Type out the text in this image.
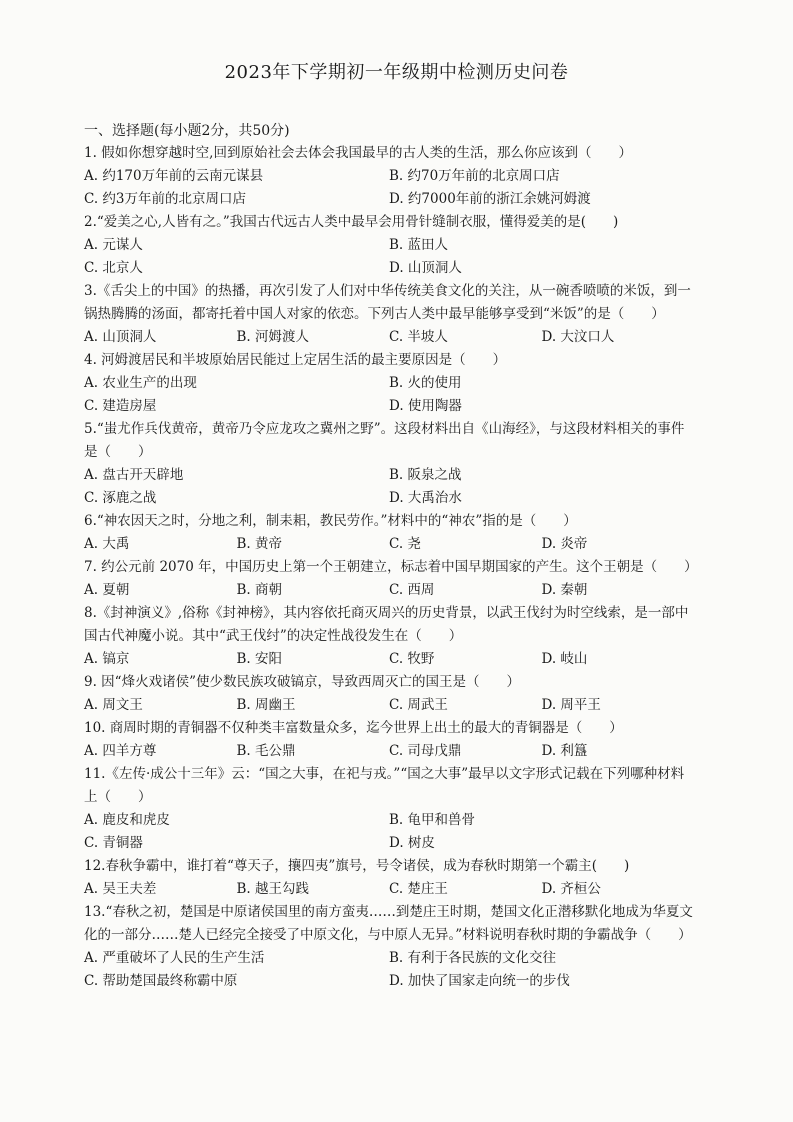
2023年下学期初一年级期中检测历史问卷
一、选择题(每小题2分，共50分)
1. 假如你想穿越时空,回到原始社会去体会我国最早的古人类的生活，那么你应该到（　　）
A. 约170万年前的云南元谋县	B. 约70万年前的北京周口店
C. 约3万年前的北京周口店	D. 约7000年前的浙江余姚河姆渡
2.“爱美之心,人皆有之。”我国古代远古人类中最早会用骨针缝制衣服，懂得爱美的是(　　)
A. 元谋人	B. 蓝田人
C. 北京人	D. 山顶洞人
3.《舌尖上的中国》的热播，再次引发了人们对中华传统美食文化的关注，从一碗香喷喷的米饭，到一锅热腾腾的汤面，都寄托着中国人对家的依恋。下列古人类中最早能够享受到“米饭”的是（　　）
A. 山顶洞人	B. 河姆渡人	C. 半坡人	D. 大汶口人
4. 河姆渡居民和半坡原始居民能过上定居生活的最主要原因是（　　）
A. 农业生产的出现	B. 火的使用
C. 建造房屋	D. 使用陶器
5.“蚩尤作兵伐黄帝，黄帝乃令应龙攻之冀州之野”。这段材料出自《山海经》，与这段材料相关的事件是（　　）
A. 盘古开天辟地	B. 阪泉之战
C. 涿鹿之战	D. 大禹治水
6.“神农因天之时，分地之利，制耒耜，教民劳作。”材料中的“神农”指的是（　　）
A. 大禹	B. 黄帝	C. 尧	D. 炎帝
7. 约公元前 2070 年，中国历史上第一个王朝建立，标志着中国早期国家的产生。这个王朝是（　　）
A. 夏朝	B. 商朝	C. 西周	D. 秦朝
8.《封神演义》,俗称《封神榜》，其内容依托商灭周兴的历史背景，以武王伐纣为时空线索，是一部中国古代神魔小说。其中“武王伐纣”的决定性战役发生在（　　）
A. 镐京	B. 安阳	C. 牧野	D. 岐山
9. 因“烽火戏诸侯”使少数民族攻破镐京，导致西周灭亡的国王是（　　）
A. 周文王	B. 周幽王	C. 周武王	D. 周平王
10. 商周时期的青铜器不仅种类丰富数量众多，迄今世界上出土的最大的青铜器是（　　）
A. 四羊方尊	B. 毛公鼎	C. 司母戊鼎	D. 利簋
11.《左传·成公十三年》云：“国之大事，在祀与戎。”“国之大事”最早以文字形式记载在下列哪种材料上（　　）
A. 鹿皮和虎皮	B. 龟甲和兽骨
C. 青铜器	D. 树皮
12.春秋争霸中，谁打着“尊天子，攘四夷”旗号，号令诸侯，成为春秋时期第一个霸主(　　)
A. 吴王夫差	B. 越王勾践	C. 楚庄王	D. 齐桓公
13.“春秋之初，楚国是中原诸侯国里的南方蛮夷……到楚庄王时期，楚国文化正潜移默化地成为华夏文化的一部分……楚人已经完全接受了中原文化，与中原人无异。”材料说明春秋时期的争霸战争（　　）
A. 严重破坏了人民的生产生活	B. 有利于各民族的文化交往
C. 帮助楚国最终称霸中原	D. 加快了国家走向统一的步伐
